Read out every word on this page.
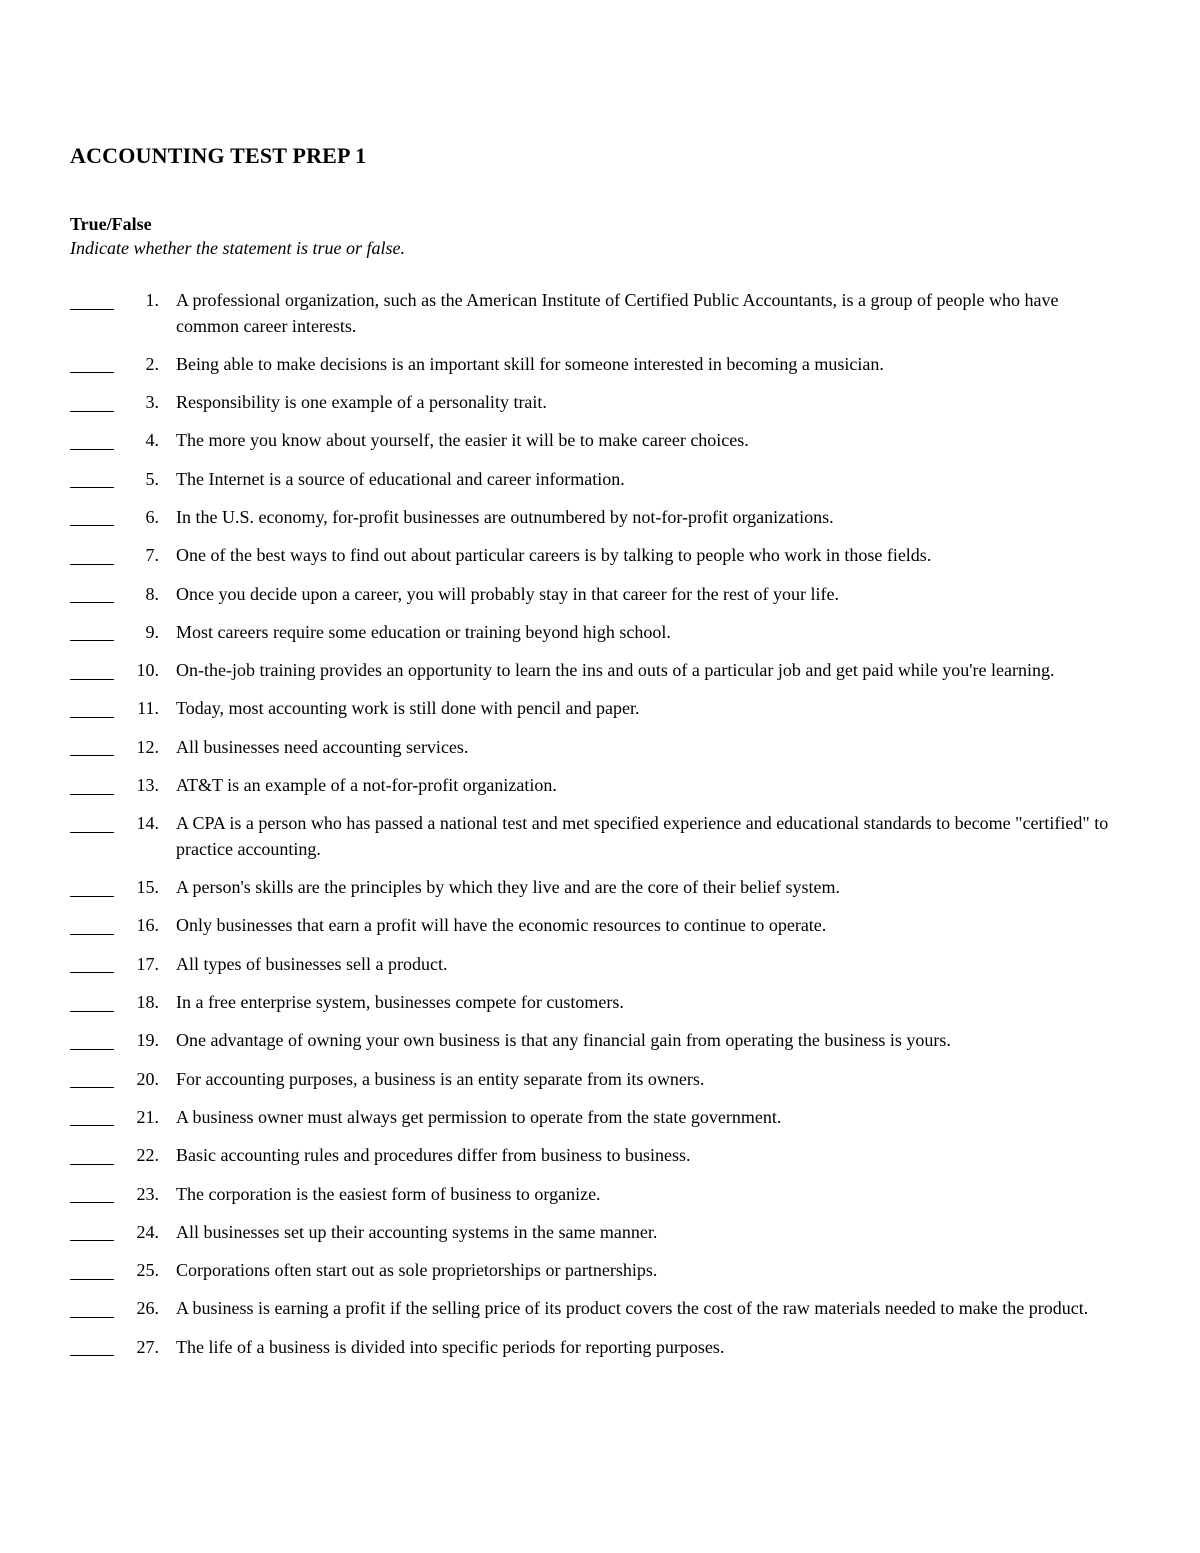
ACCOUNTING TEST PREP 1
True/False

Indicate whether the statement is true or false.

1. A professional organization, such as the American Institute of Certified Public Accountants, is a group of people who have common career interests.
2. Being able to make decisions is an important skill for someone interested in becoming a musician.
3. Responsibility is one example of a personality trait.
4. The more you know about yourself, the easier it will be to make career choices.
5. The Internet is a source of educational and career information.
6. In the U.S. economy, for-profit businesses are outnumbered by not-for-profit organizations.
7. One of the best ways to find out about particular careers is by talking to people who work in those fields.
8. Once you decide upon a career, you will probably stay in that career for the rest of your life.
9. Most careers require some education or training beyond high school.
10. On-the-job training provides an opportunity to learn the ins and outs of a particular job and get paid while you're learning.
11. Today, most accounting work is still done with pencil and paper.
12. All businesses need accounting services.
13. AT&T is an example of a not-for-profit organization.
14. A CPA is a person who has passed a national test and met specified experience and educational standards to become "certified" to practice accounting.
15. A person's skills are the principles by which they live and are the core of their belief system.
16. Only businesses that earn a profit will have the economic resources to continue to operate.
17. All types of businesses sell a product.
18. In a free enterprise system, businesses compete for customers.
19. One advantage of owning your own business is that any financial gain from operating the business is yours.
20. For accounting purposes, a business is an entity separate from its owners.
21. A business owner must always get permission to operate from the state government.
22. Basic accounting rules and procedures differ from business to business.
23. The corporation is the easiest form of business to organize.
24. All businesses set up their accounting systems in the same manner.
25. Corporations often start out as sole proprietorships or partnerships.
26. A business is earning a profit if the selling price of its product covers the cost of the raw materials needed to make the product.
27. The life of a business is divided into specific periods for reporting purposes.
